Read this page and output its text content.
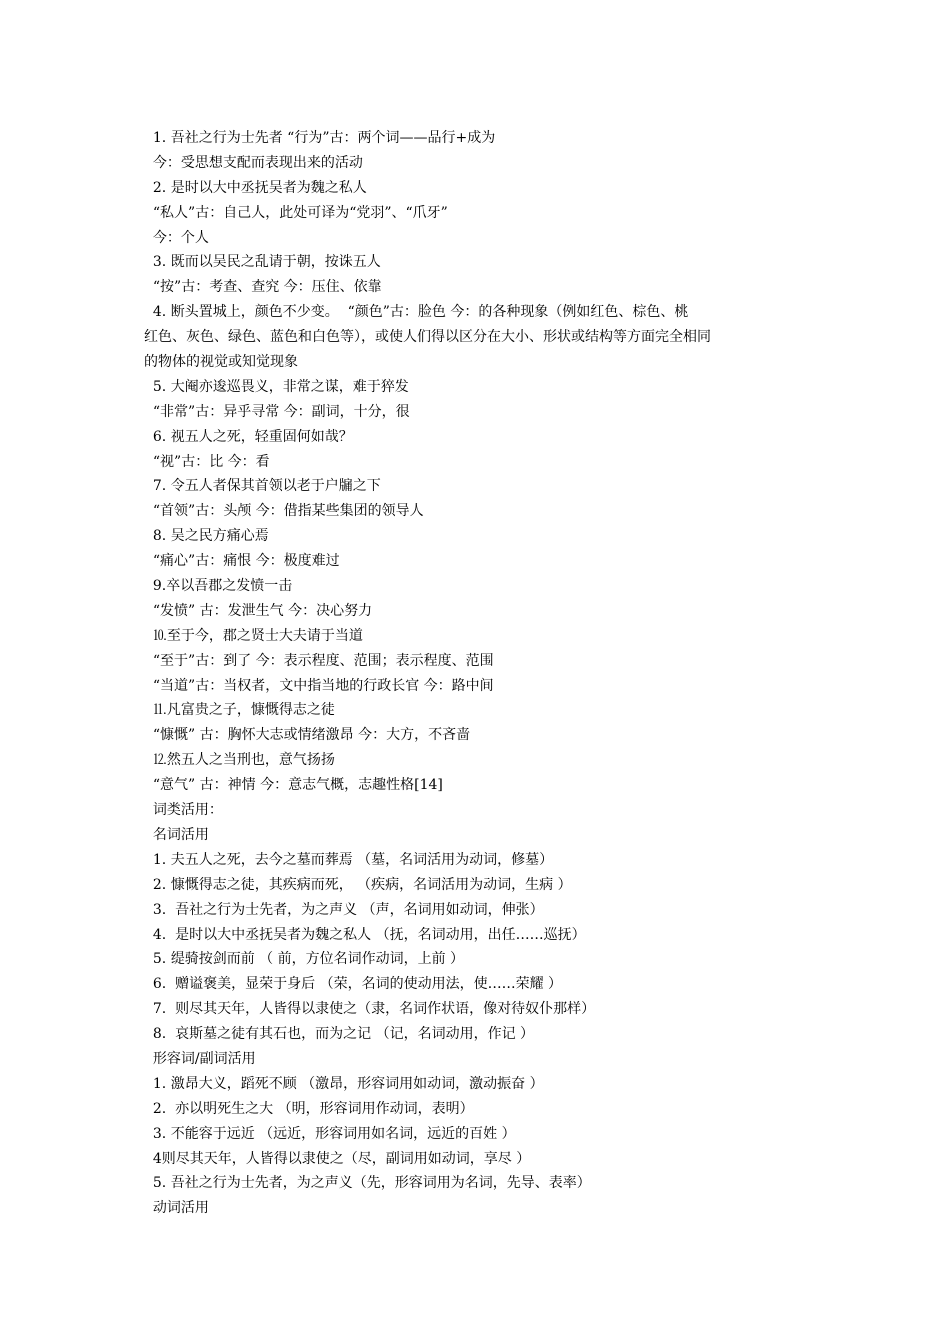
1. 吾社之行为士先者 “行为”古：两个词——品行+成为
今：受思想支配而表现出来的活动
2. 是时以大中丞抚吴者为魏之私人
“私人”古：自己人，此处可译为“党羽”、“爪牙”
今：个人
3. 既而以吴民之乱请于朝，按诛五人
“按”古：考查、查究 今：压住、依靠
4. 断头置城上，颜色不少变。  “颜色”古：脸色 今：的各种现象（例如红色、棕色、桃
红色、灰色、绿色、蓝色和白色等），或使人们得以区分在大小、形状或结构等方面完全相同
的物体的视觉或知觉现象
5. 大阉亦逡巡畏义，非常之谋，难于猝发
“非常”古：异乎寻常 今：副词，十分，很
6. 视五人之死，轻重固何如哉？
“视”古：比 今：看
7. 令五人者保其首领以老于户牖之下
“首领”古：头颅 今：借指某些集团的领导人
8. 吴之民方痛心焉
“痛心”古：痛恨 今：极度难过
9.卒以吾郡之发愤一击
“发愤” 古：发泄生气 今：决心努力
⒑至于今，郡之贤士大夫请于当道
“至于”古：到了 今：表示程度、范围；表示程度、范围
“当道”古：当权者，文中指当地的行政长官 今：路中间
⒒凡富贵之子，慷慨得志之徒
“慷慨” 古：胸怀大志或情绪激昂 今：大方，不吝啬
⒓然五人之当刑也，意气扬扬
“意气” 古：神情 今：意志气概，志趣性格[14]
词类活用：
名词活用
1. 夫五人之死，去今之墓而葬焉 （墓，名词活用为动词，修墓）
2. 慷慨得志之徒，其疾病而死， （疾病，名词活用为动词，生病 ）
3.  吾社之行为士先者，为之声义 （声，名词用如动词，伸张）
4.  是时以大中丞抚吴者为魏之私人 （抚，名词动用，出任……巡抚）
5. 缇骑按剑而前 （ 前，方位名词作动词，上前 ）
6.  赠谥褒美，显荣于身后 （荣，名词的使动用法，使……荣耀 ）
7.  则尽其天年，人皆得以隶使之（隶，名词作状语，像对待奴仆那样）
8.  哀斯墓之徒有其石也，而为之记 （记，名词动用，作记 ）
形容词/副词活用
1. 激昂大义，蹈死不顾 （激昂，形容词用如动词，激动振奋 ）
2.  亦以明死生之大 （明，形容词用作动词，表明）
3. 不能容于远近 （远近，形容词用如名词，远近的百姓 ）
4则尽其天年，人皆得以隶使之（尽，副词用如动词，享尽 ）
5. 吾社之行为士先者，为之声义（先，形容词用为名词，先导、表率）
动词活用
